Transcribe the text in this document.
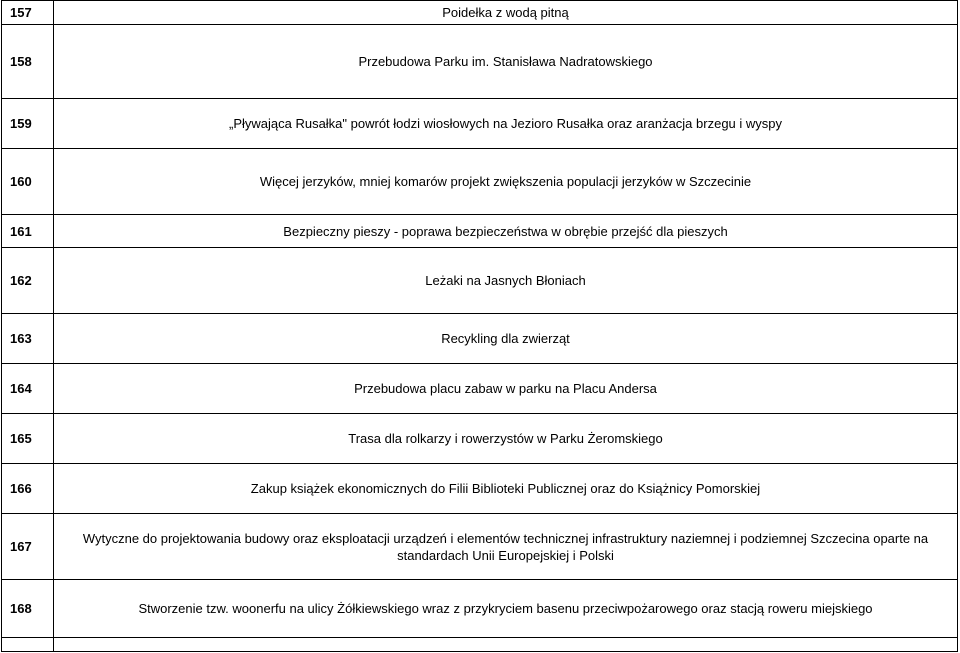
157	Poidełka z wodą pitną

158	Przebudowa Parku im. Stanisława Nadratowskiego

159	„Pływająca Rusałka" powrót łodzi wiosłowych na Jezioro Rusałka oraz aranżacja brzegu i wyspy

160	Więcej jerzyków, mniej komarów projekt zwiększenia populacji jerzyków w Szczecinie

161	Bezpieczny pieszy - poprawa bezpieczeństwa w obrębie przejść dla pieszych

162	Leżaki na Jasnych Błoniach

163	Recykling dla zwierząt

164	Przebudowa placu zabaw w parku na Placu Andersa

165	Trasa dla rolkarzy i rowerzystów w Parku Żeromskiego

166	Zakup książek ekonomicznych do Filii Biblioteki Publicznej oraz do Książnicy Pomorskiej

167	Wytyczne do projektowania budowy oraz eksploatacji urządzeń i elementów technicznej infrastruktury naziemnej i podziemnej Szczecina oparte na standardach Unii Europejskiej i Polski

168	Stworzenie tzw. woonerfu na ulicy Żółkiewskiego wraz z przykryciem basenu przeciwpożarowego oraz stacją roweru miejskiego
